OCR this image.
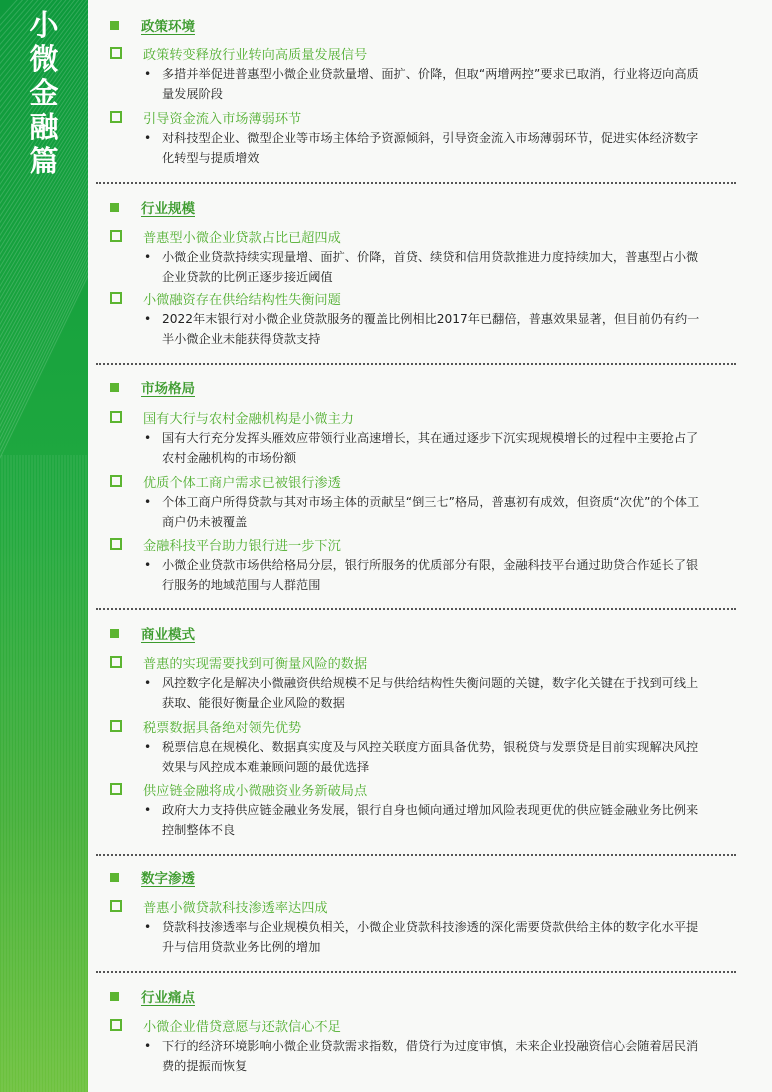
小
微
金
融
篇
政策环境
政策转变释放行业转向高质量发展信号
• 多措并举促进普惠型小微企业贷款量增、面扩、价降，但取“两增两控”要求已取消，行业将迈向高质量发展阶段
引导资金流入市场薄弱环节
• 对科技型企业、微型企业等市场主体给予资源倾斜，引导资金流入市场薄弱环节，促进实体经济数字化转型与提质增效
行业规模
普惠型小微企业贷款占比已超四成
• 小微企业贷款持续实现量增、面扩、价降，首贷、续贷和信用贷款推进力度持续加大，普惠型占小微企业贷款的比例正逐步接近阈值
小微融资存在供给结构性失衡问题
• 2022年末银行对小微企业贷款服务的覆盖比例相比2017年已翻倍，普惠效果显著，但目前仍有约一半小微企业未能获得贷款支持
市场格局
国有大行与农村金融机构是小微主力
• 国有大行充分发挥头雁效应带领行业高速增长，其在通过逐步下沉实现规模增长的过程中主要抢占了农村金融机构的市场份额
优质个体工商户需求已被银行渗透
• 个体工商户所得贷款与其对市场主体的贡献呈“倒三七”格局，普惠初有成效，但资质“次优”的个体工商户仍未被覆盖
金融科技平台助力银行进一步下沉
• 小微企业贷款市场供给格局分层，银行所服务的优质部分有限，金融科技平台通过助贷合作延长了银行服务的地域范围与人群范围
商业模式
普惠的实现需要找到可衡量风险的数据
• 风控数字化是解决小微融资供给规模不足与供给结构性失衡问题的关键，数字化关键在于找到可线上获取、能很好衡量企业风险的数据
税票数据具备绝对领先优势
• 税票信息在规模化、数据真实度及与风控关联度方面具备优势，银税贷与发票贷是目前实现解决风控效果与风控成本难兼顾问题的最优选择
供应链金融将成小微融资业务新破局点
• 政府大力支持供应链金融业务发展，银行自身也倾向通过增加风险表现更优的供应链金融业务比例来控制整体不良
数字渗透
普惠小微贷款科技渗透率达四成
• 贷款科技渗透率与企业规模负相关，小微企业贷款科技渗透的深化需要贷款供给主体的数字化水平提升与信用贷款业务比例的增加
行业痛点
小微企业借贷意愿与还款信心不足
• 下行的经济环境影响小微企业贷款需求指数，借贷行为过度审慎，未来企业投融资信心会随着居民消费的提振而恢复
